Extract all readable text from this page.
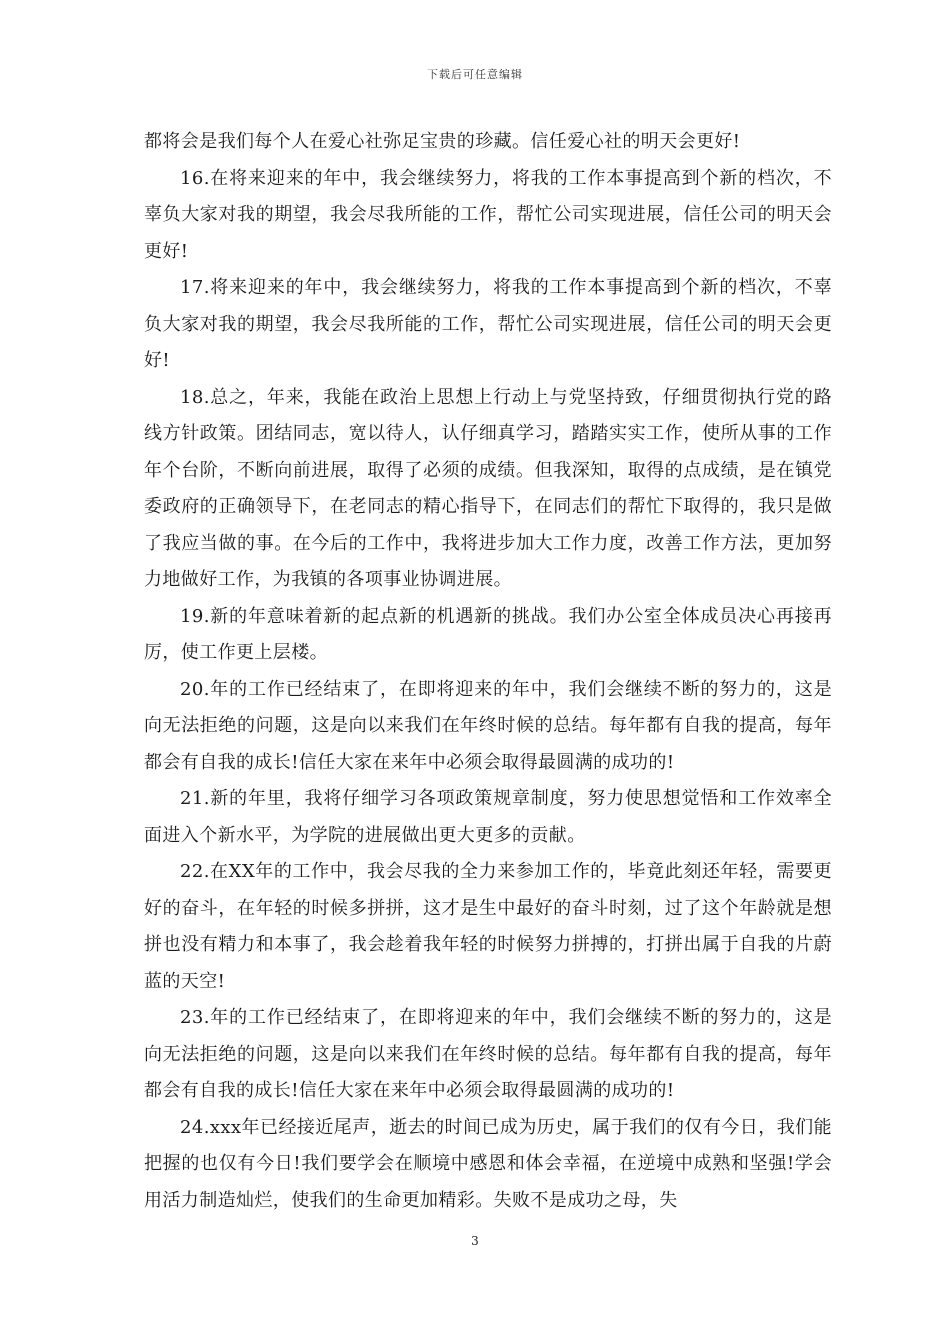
下载后可任意编辑

都将会是我们每个人在爱心社弥足宝贵的珍藏。信任爱心社的明天会更好!

16.在将来迎来的年中，我会继续努力，将我的工作本事提高到个新的档次，不辜负大家对我的期望，我会尽我所能的工作，帮忙公司实现进展，信任公司的明天会更好!

17.将来迎来的年中，我会继续努力，将我的工作本事提高到个新的档次，不辜负大家对我的期望，我会尽我所能的工作，帮忙公司实现进展，信任公司的明天会更好!

18.总之，年来，我能在政治上思想上行动上与党坚持致，仔细贯彻执行党的路线方针政策。团结同志，宽以待人，认仔细真学习，踏踏实实工作，使所从事的工作年个台阶，不断向前进展，取得了必须的成绩。但我深知，取得的点成绩，是在镇党委政府的正确领导下，在老同志的精心指导下，在同志们的帮忙下取得的，我只是做了我应当做的事。在今后的工作中，我将进步加大工作力度，改善工作方法，更加努力地做好工作，为我镇的各项事业协调进展。

19.新的年意味着新的起点新的机遇新的挑战。我们办公室全体成员决心再接再厉，使工作更上层楼。

20.年的工作已经结束了，在即将迎来的年中，我们会继续不断的努力的，这是向无法拒绝的问题，这是向以来我们在年终时候的总结。每年都有自我的提高，每年都会有自我的成长!信任大家在来年中必须会取得最圆满的成功的!

21.新的年里，我将仔细学习各项政策规章制度，努力使思想觉悟和工作效率全面进入个新水平，为学院的进展做出更大更多的贡献。

22.在XX年的工作中，我会尽我的全力来参加工作的，毕竟此刻还年轻，需要更好的奋斗，在年轻的时候多拼拼，这才是生中最好的奋斗时刻，过了这个年龄就是想拼也没有精力和本事了，我会趁着我年轻的时候努力拼搏的，打拼出属于自我的片蔚蓝的天空!

23.年的工作已经结束了，在即将迎来的年中，我们会继续不断的努力的，这是向无法拒绝的问题，这是向以来我们在年终时候的总结。每年都有自我的提高，每年都会有自我的成长!信任大家在来年中必须会取得最圆满的成功的!

24.xxx年已经接近尾声，逝去的时间已成为历史，属于我们的仅有今日，我们能把握的也仅有今日!我们要学会在顺境中感恩和体会幸福，在逆境中成熟和坚强!学会用活力制造灿烂，使我们的生命更加精彩。失败不是成功之母，失

3
